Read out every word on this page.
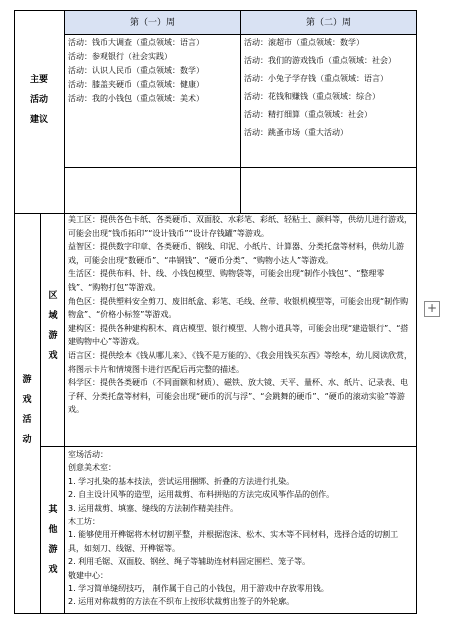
第（一）周	第（二）周
主要
活动
建议
活动：钱币大调查（重点领域：语言）
活动：参观银行（社会实践）
活动：认识人民币（重点领域：数学）
活动：膝盖夹硬币（重点领域：健康）
活动：我的小钱包（重点领域：美术）
活动：滚超市（重点领域：数学）
活动：我们的游戏钱币（重点领域：社会）
活动：小兔子学存钱（重点领域：语言）
活动：花钱和赚钱（重点领域：综合）
活动：精打细算（重点领域：社会）
活动：跳蚤市场（重大活动）
游
戏
活
动
区
域
游
戏
美工区：提供各色卡纸、各类硬币、双面胶、水彩笔、彩纸、轻粘土、颜料等，供幼儿进行游戏，可能会出现“钱币拓印”“设计钱币”“设计存钱罐”等游戏。
益智区：提供数字印章、各类硬币、钢线、印泥、小纸片、计算器、分类托盘等材料，供幼儿游戏，可能会出现“数硬币”、“串钢钱”、“硬币分类”、“购物小达人”等游戏。
生活区：提供布料、针、线、小钱包模型、购物袋等，可能会出现“制作小钱包”、“整理零钱”、“购物打包”等游戏。
角色区：提供塑料安全剪刀、废旧纸盒、彩笔、毛线、丝带、收银机模型等，可能会出现“制作购物盒”、“价格小标签”等游戏。
建构区：提供各种建构积木、商店模型、银行模型、人物小道具等，可能会出现“建造银行”、“搭建购物中心”等游戏。
语言区：提供绘本《钱从哪儿来》、《钱不是万能的》、《我会用钱买东西》等绘本，幼儿阅读欣赏，将图示卡片和情境图卡进行匹配后再完整的描述。
科学区：提供各类硬币（不同面额和材质）、磁铁、放大镜、天平、量杯、水、纸片、记录表、电子秤、分类托盘等材料，可能会出现“硬币的沉与浮”、“会跳舞的硬币”、“硬币的滚动实验”等游戏。
其
他
游
戏
室场活动：
创意美术室：
1. 学习扎染的基本技法，尝试运用捆绑、折叠的方法进行扎染。
2. 自主设计风筝的造型，运用裁剪、布料拼贴的方法完成风筝作品的创作。
3. 运用裁剪、填塞、缝线的方法制作精美挂件。
木工坊：
1. 能够使用开榫锯将木材切割平整，并根据泡沫、松木、实木等不同材料，选择合适的切割工具，如刻刀、线锯、开榫锯等。
2. 利用毛锯、双面胶、钢丝、绳子等辅助连材料固定围栏、笼子等。
敬建中心：
1. 学习简单缝纫技巧， 制作属于自己的小钱包，用于游戏中存放零用钱。
2. 运用对称裁剪的方法在不织布上按形状裁剪出签子的外轮廓。
+
